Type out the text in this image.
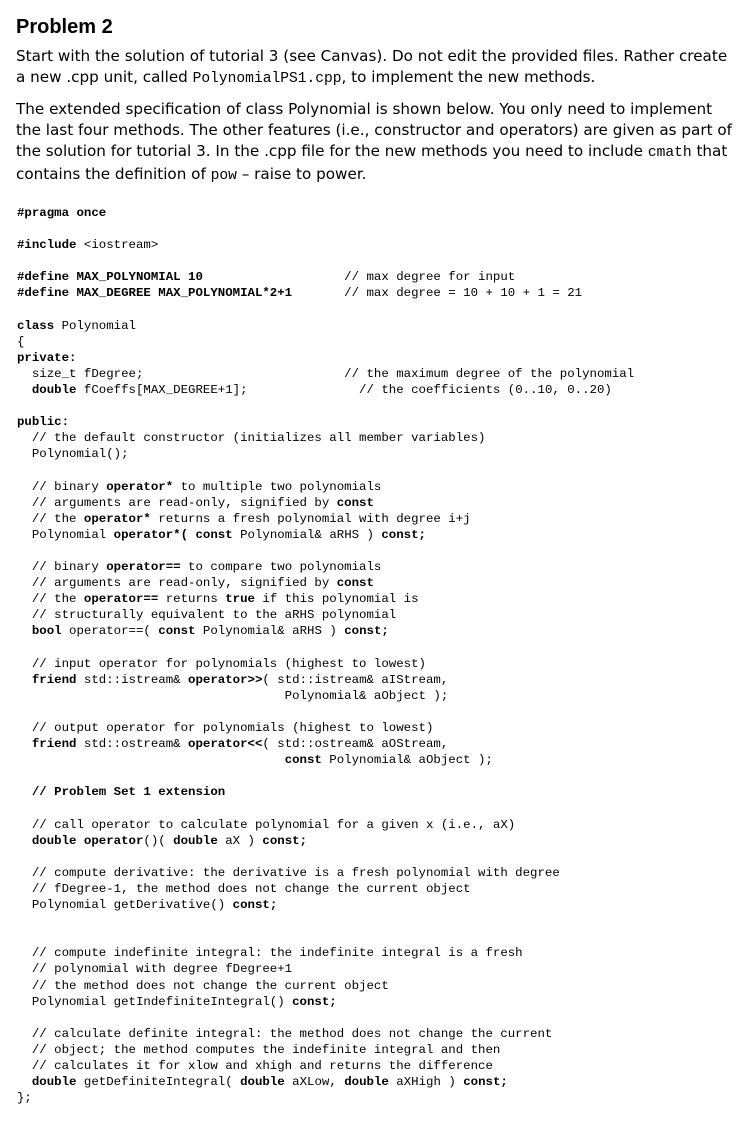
Problem 2
Start with the solution of tutorial 3 (see Canvas). Do not edit the provided files. Rather create a new .cpp unit, called PolynomialPS1.cpp, to implement the new methods.
The extended specification of class Polynomial is shown below. You only need to implement the last four methods. The other features (i.e., constructor and operators) are given as part of the solution for tutorial 3. In the .cpp file for the new methods you need to include cmath that contains the definition of pow – raise to power.
#pragma once
#include <iostream>
#define MAX_POLYNOMIAL 10                   // max degree for input
#define MAX_DEGREE MAX_POLYNOMIAL*2+1       // max degree = 10 + 10 + 1 = 21
class Polynomial
{
private:
size_t fDegree;                           // the maximum degree of the polynomial
double fCoeffs[MAX_DEGREE+1];               // the coefficients (0..10, 0..20)
public:
// the default constructor (initializes all member variables)
Polynomial();
// binary operator* to multiple two polynomials
// arguments are read-only, signified by const
// the operator* returns a fresh polynomial with degree i+j
Polynomial operator*( const Polynomial& aRHS ) const;
// binary operator== to compare two polynomials
// arguments are read-only, signified by const
// the operator== returns true if this polynomial is
// structurally equivalent to the aRHS polynomial
bool operator==( const Polynomial& aRHS ) const;
// input operator for polynomials (highest to lowest)
friend std::istream& operator>>( std::istream& aIStream,
Polynomial& aObject );
// output operator for polynomials (highest to lowest)
friend std::ostream& operator<<( std::ostream& aOStream,
const Polynomial& aObject );
// Problem Set 1 extension
// call operator to calculate polynomial for a given x (i.e., aX)
double operator()( double aX ) const;
// compute derivative: the derivative is a fresh polynomial with degree
// fDegree-1, the method does not change the current object
Polynomial getDerivative() const;
// compute indefinite integral: the indefinite integral is a fresh
// polynomial with degree fDegree+1
// the method does not change the current object
Polynomial getIndefiniteIntegral() const;
// calculate definite integral: the method does not change the current
// object; the method computes the indefinite integral and then
// calculates it for xlow and xhigh and returns the difference
double getDefiniteIntegral( double aXLow, double aXHigh ) const;
};
